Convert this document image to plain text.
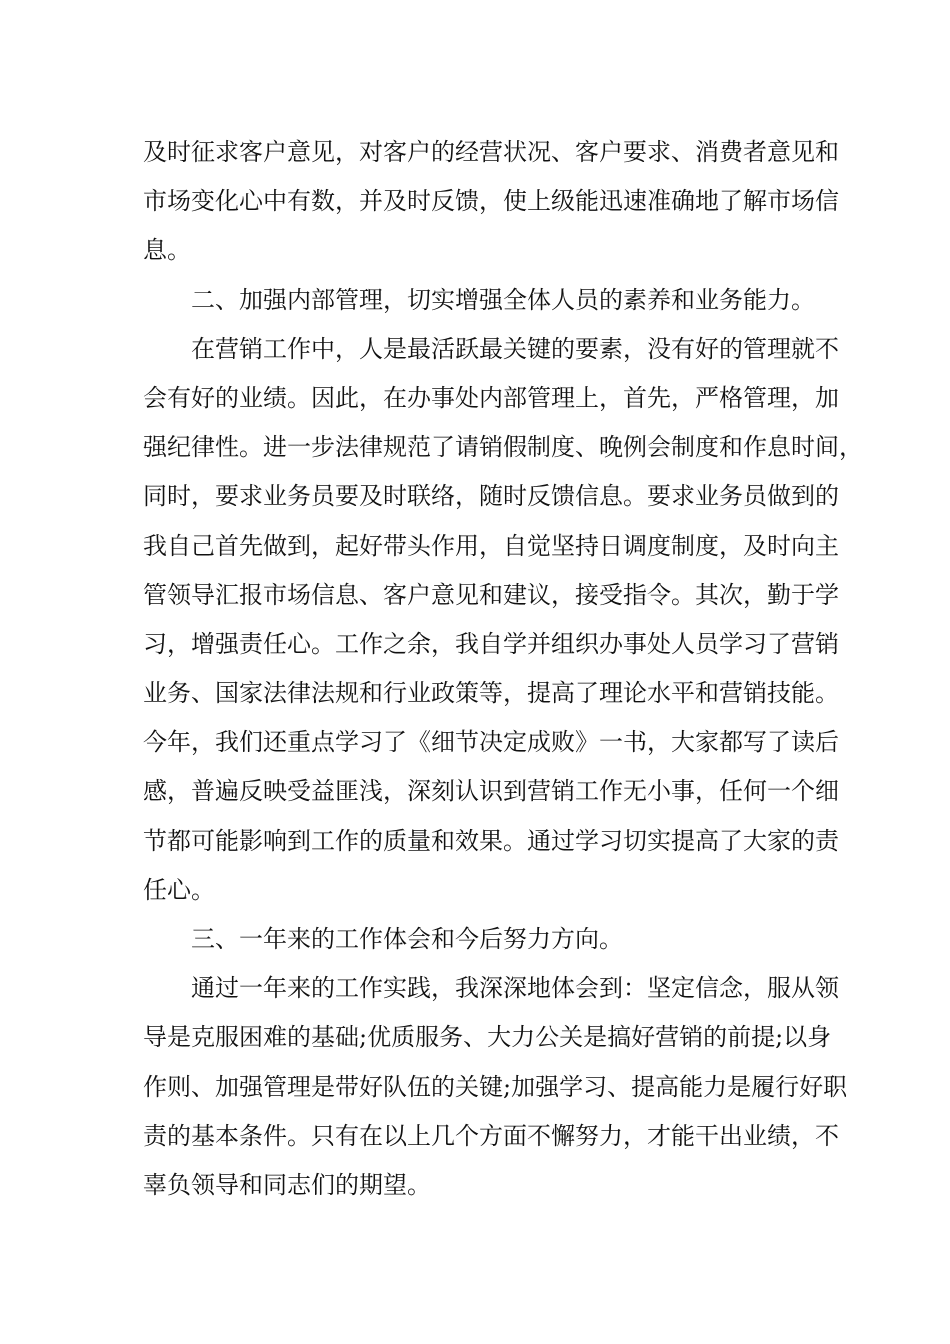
及时征求客户意见，对客户的经营状况、客户要求、消费者意见和
市场变化心中有数，并及时反馈，使上级能迅速准确地了解市场信
息。
二、加强内部管理，切实增强全体人员的素养和业务能力。
在营销工作中，人是最活跃最关键的要素，没有好的管理就不
会有好的业绩。因此，在办事处内部管理上，首先，严格管理，加
强纪律性。进一步法律规范了请销假制度、晚例会制度和作息时间，
同时，要求业务员要及时联络，随时反馈信息。要求业务员做到的
我自己首先做到，起好带头作用，自觉坚持日调度制度，及时向主
管领导汇报市场信息、客户意见和建议，接受指令。其次，勤于学
习，增强责任心。工作之余，我自学并组织办事处人员学习了营销
业务、国家法律法规和行业政策等，提高了理论水平和营销技能。
今年，我们还重点学习了《细节决定成败》一书，大家都写了读后
感，普遍反映受益匪浅，深刻认识到营销工作无小事，任何一个细
节都可能影响到工作的质量和效果。通过学习切实提高了大家的责
任心。
三、一年来的工作体会和今后努力方向。
通过一年来的工作实践，我深深地体会到：坚定信念，服从领
导是克服困难的基础;优质服务、大力公关是搞好营销的前提;以身
作则、加强管理是带好队伍的关键;加强学习、提高能力是履行好职
责的基本条件。只有在以上几个方面不懈努力，才能干出业绩，不
辜负领导和同志们的期望。
